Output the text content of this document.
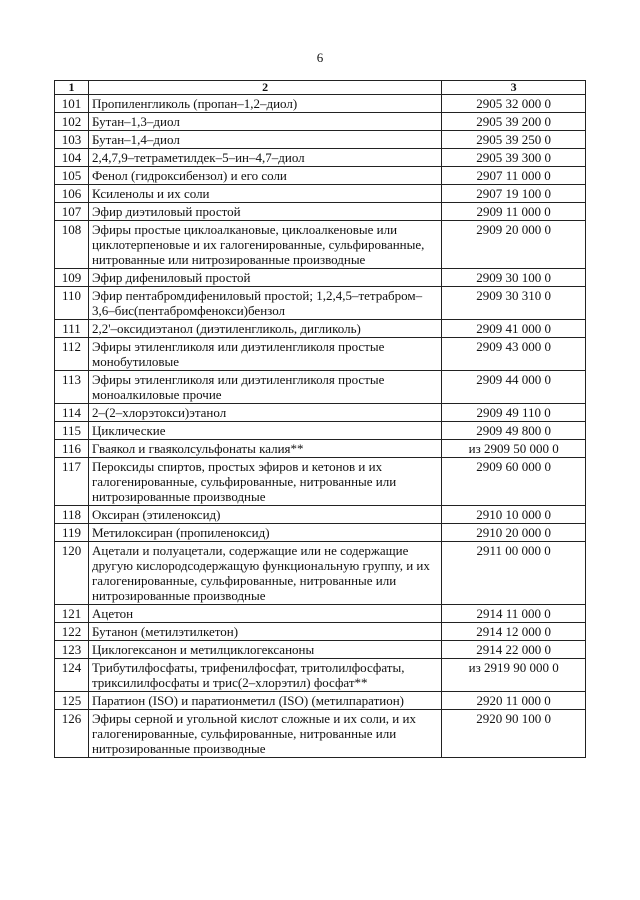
6
1	2	3
101	Пропиленгликоль (пропан–1,2–диол)	2905 32 000 0
102	Бутан–1,3–диол	2905 39 200 0
103	Бутан–1,4–диол	2905 39 250 0
104	2,4,7,9–тетраметилдек–5–ин–4,7–диол	2905 39 300 0
105	Фенол (гидроксибензол) и его соли	2907 11 000 0
106	Ксиленолы и их соли	2907 19 100 0
107	Эфир диэтиловый простой	2909 11 000 0
108	Эфиры простые циклоалкановые, циклоалкеновые или циклотерпеновые и их галогенированные, сульфированные, нитрованные или нитрозированные производные	2909 20 000 0
109	Эфир дифениловый простой	2909 30 100 0
110	Эфир пентабромдифениловый простой; 1,2,4,5–тетрабром–3,6–бис(пентабромфенокси)бензол	2909 30 310 0
111	2,2'–оксидиэтанол (диэтиленгликоль, дигликоль)	2909 41 000 0
112	Эфиры этиленгликоля или диэтиленгликоля простые монобутиловые	2909 43 000 0
113	Эфиры этиленгликоля или диэтиленгликоля простые моноалкиловые прочие	2909 44 000 0
114	2–(2–хлорэтокси)этанол	2909 49 110 0
115	Циклические	2909 49 800 0
116	Гваякол и гваяколсульфонаты калия**	из 2909 50 000 0
117	Пероксиды спиртов, простых эфиров и кетонов и их галогенированные, сульфированные, нитрованные или нитрозированные производные	2909 60 000 0
118	Оксиран (этиленоксид)	2910 10 000 0
119	Метилоксиран (пропиленоксид)	2910 20 000 0
120	Ацетали и полуацетали, содержащие или не содержащие другую кислородсодержащую функциональную группу, и их галогенированные, сульфированные, нитрованные или нитрозированные производные	2911 00 000 0
121	Ацетон	2914 11 000 0
122	Бутанон (метилэтилкетон)	2914 12 000 0
123	Циклогексанон и метилциклогексаноны	2914 22 000 0
124	Трибутилфосфаты, трифенилфосфат, тритолилфосфаты, триксилилфосфаты и трис(2–хлорэтил) фосфат**	из 2919 90 000 0
125	Паратион (ISO) и паратионметил (ISO) (метилпаратион)	2920 11 000 0
126	Эфиры серной и угольной кислот сложные и их соли, и их галогенированные, сульфированные, нитрованные или нитрозированные производные	2920 90 100 0
